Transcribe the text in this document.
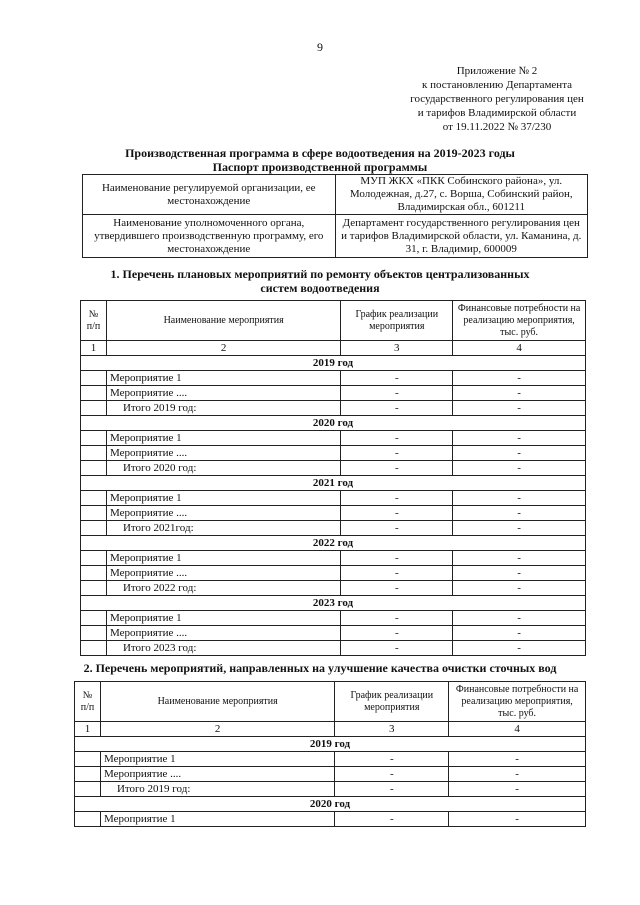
9
Приложение № 2
к постановлению Департамента
государственного регулирования цен
и тарифов Владимирской области
от 19.11.2022 № 37/230
Производственная программа в сфере водоотведения на 2019-2023 годы
Паспорт производственной программы
Наименование регулируемой организации, ее местонахождение	МУП ЖКХ «ПКК Собинского района», ул. Молодежная, д.27, с. Ворша, Собинский район, Владимирская обл., 601211
Наименование уполномоченного органа, утвердившего производственную программу, его местонахождение	Департамент государственного регулирования цен и тарифов Владимирской области, ул. Каманина, д. 31, г. Владимир, 600009
1. Перечень плановых мероприятий по ремонту объектов централизованных
систем водоотведения
№ п/п	Наименование мероприятия	График реализации мероприятия	Финансовые потребности на реализацию мероприятия, тыс. руб.
1	2	3	4
2019 год			
	Мероприятие 1	-	-
	Мероприятие ....	-	-
	Итого 2019 год:	-	-
2020 год			
	Мероприятие 1	-	-
	Мероприятие ....	-	-
	Итого 2020 год:	-	-
2021 год			
	Мероприятие 1	-	-
	Мероприятие ....	-	-
	Итого 2021год:	-	-
2022 год			
	Мероприятие 1	-	-
	Мероприятие ....	-	-
	Итого 2022 год:	-	-
2023 год			
	Мероприятие 1	-	-
	Мероприятие ....	-	-
	Итого 2023 год:	-	-
2. Перечень мероприятий, направленных на улучшение качества очистки сточных вод
№ п/п	Наименование мероприятия	График реализации мероприятия	Финансовые потребности на реализацию мероприятия, тыс. руб.
1	2	3	4
2019 год			
	Мероприятие 1	-	-
	Мероприятие ....	-	-
	Итого 2019 год:	-	-
2020 год			
	Мероприятие 1	-	-
